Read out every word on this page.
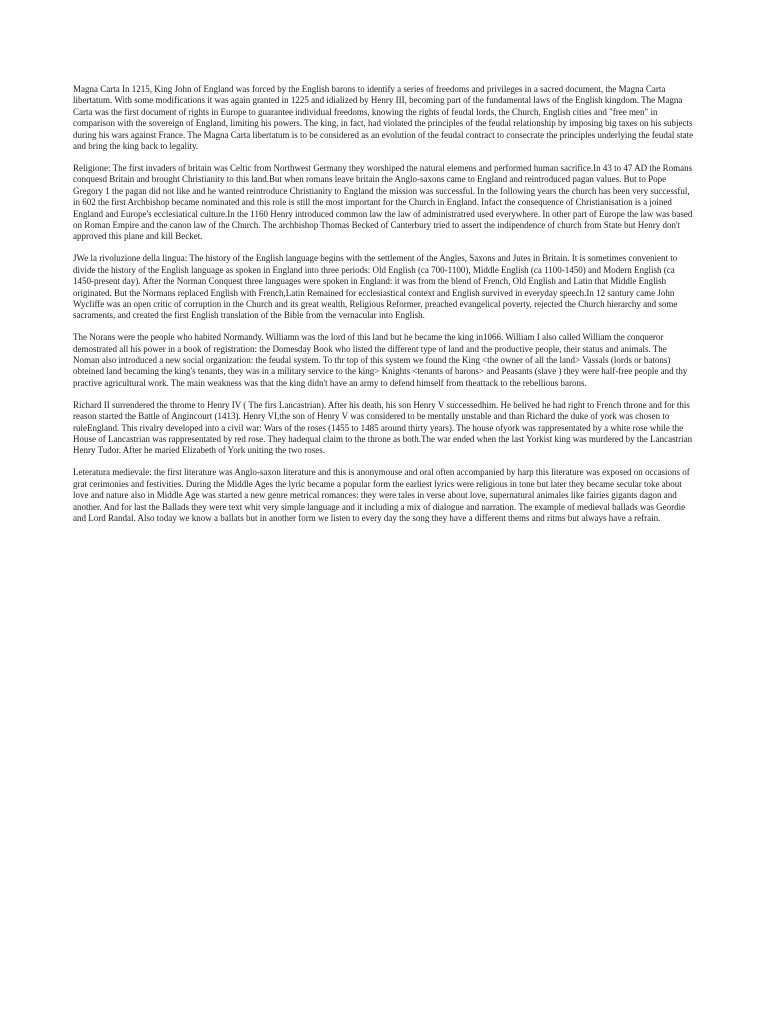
Magna Carta In 1215, King John of England was forced by the English barons to identify a series of freedoms and privileges in a sacred document, the Magna Carta libertatum. With some modifications it was again granted in 1225 and idialized by Henry III, becoming part of the fundamental laws of the English kingdom. The Magna Carta was the first document of rights in Europe to guarantee individual freedoms, knowing the rights of feudal lords, the Church, English cities and "free men" in comparison with the sovereign of England, limiting his powers. The king, in fact, had violated the principles of the feudal relationship by imposing big taxes on his subjects during his wars against France. The Magna Carta libertatum is to be considered as an evolution of the feudal contract to consecrate the principles underlying the feudal state and bring the king back to legality.

Religione: The first invaders of britain was Celtic from Northwest Germany they worshiped the natural elemens and performed human sacrifice.In 43 to 47 AD the Romans conquesd Britain and brought Christianity to this land.But when romans leave britain the Anglo-saxons came to England and reintroduced pagan values. But to Pope Gregory 1 the pagan did not like and he wanted reintroduce Christianity to England the mission was successful. In the following years the church has been very successful, in 602 the first Archbishop became nominated and this role is still the most important for the Church in England. Infact the consequence of Christianisation is a joined England and Europe's ecclesiatical culture.In the 1160 Henry introduced common law the law of administratred used everywhere. In other part of Europe the law was based on Roman Empire and the canon law of the Church. The archbishop Thomas Becked of Canterbury tried to assert the indipendence of church from State but Henry don't approved this plane and kill Becket.

JWe la rivoluzione della lingua: The history of the English language begins with the settlement of the Angles, Saxons and Jutes in Britain. It is sometimes convenient to divide the history of the English language as spoken in England into three periods: Old English (ca 700-1100), Middle English (ca 1100-1450) and Modern English (ca 1450-present day). After the Norman Conquest three languages were spoken in England: it was from the blend of French, Old English and Latin that Middle English originated. But the Normans replaced English with French,Latin Remained for ecclesiastical context and English survived in everyday speech.In 12 santury came John Wycliffe was an open critic of corruption in the Church and its great wealth, Religious Reformer, preached evangelical poverty, rejected the Church hierarchy and some sacraments, and created the first English translation of the Bible from the vernacular into English.

The Norans were the people who habited Normandy. Williamn was the lord of this land but he became the king in1066. William I also called William the conqueror demostrated all his power in a book of registration: the Domesday Book who listed the different type of land and the productive people, their status and animals. The Noman also introduced a new social organization: the feudal system. To thr top of this system we found the King <the owner of all the land> Vassals (lords or batons) obteined land becaming the king's tenants, they was in a military service to the king> Knights <tenants of barons> and Peasants (slave ) they were half-free people and thy practive agricultural work. The main weakness was that the king didn't have an army to defend himself from theattack to the rebellious barons.

Richard II surrendered the throme to Henry IV ( The firs Lancastrian). After his death, his son Henry V successedhim. He belived he had right to French throne and for this reason started the Battle of Angincourt (1413). Henry VI,the son of Henry V was considered to be mentally unstable and than Richard the duke of york was chosen to ruleEngland. This rivalry developed into a civil war: Wars of the roses (1455 to 1485 around thirty years). The house ofyork was rappresentated by a white rose while the House of Lancastrian was rappresentated by red rose. They hadequal claim to the throne as both.The war ended when the last Yorkist king was murdered by the Lancastrian Henry Tudor. After he maried Elizabeth of York uniting the two roses.

Leteratura medievale: the first literature was Anglo-saxon literature and this is anonymouse and oral often accompanied by harp this literature was exposed on occasions of grat cerimonies and festivities. During the Middle Ages the lyric became a popular form the earliest lyrics were religious in tone but later they became secular toke about love and nature also in Middle Age was started a new genre metrical romances: they were tales in verse about love, supernatural animales like fairies gigants dagon and another. And for last the Ballads they were text whit very simple language and it including a mix of dialogue and narration. The example of medieval ballads was Geordie and Lord Randal. Also today we know a ballats but in another form we listen to every day the song they have a different thems and ritms but always have a refrain.
